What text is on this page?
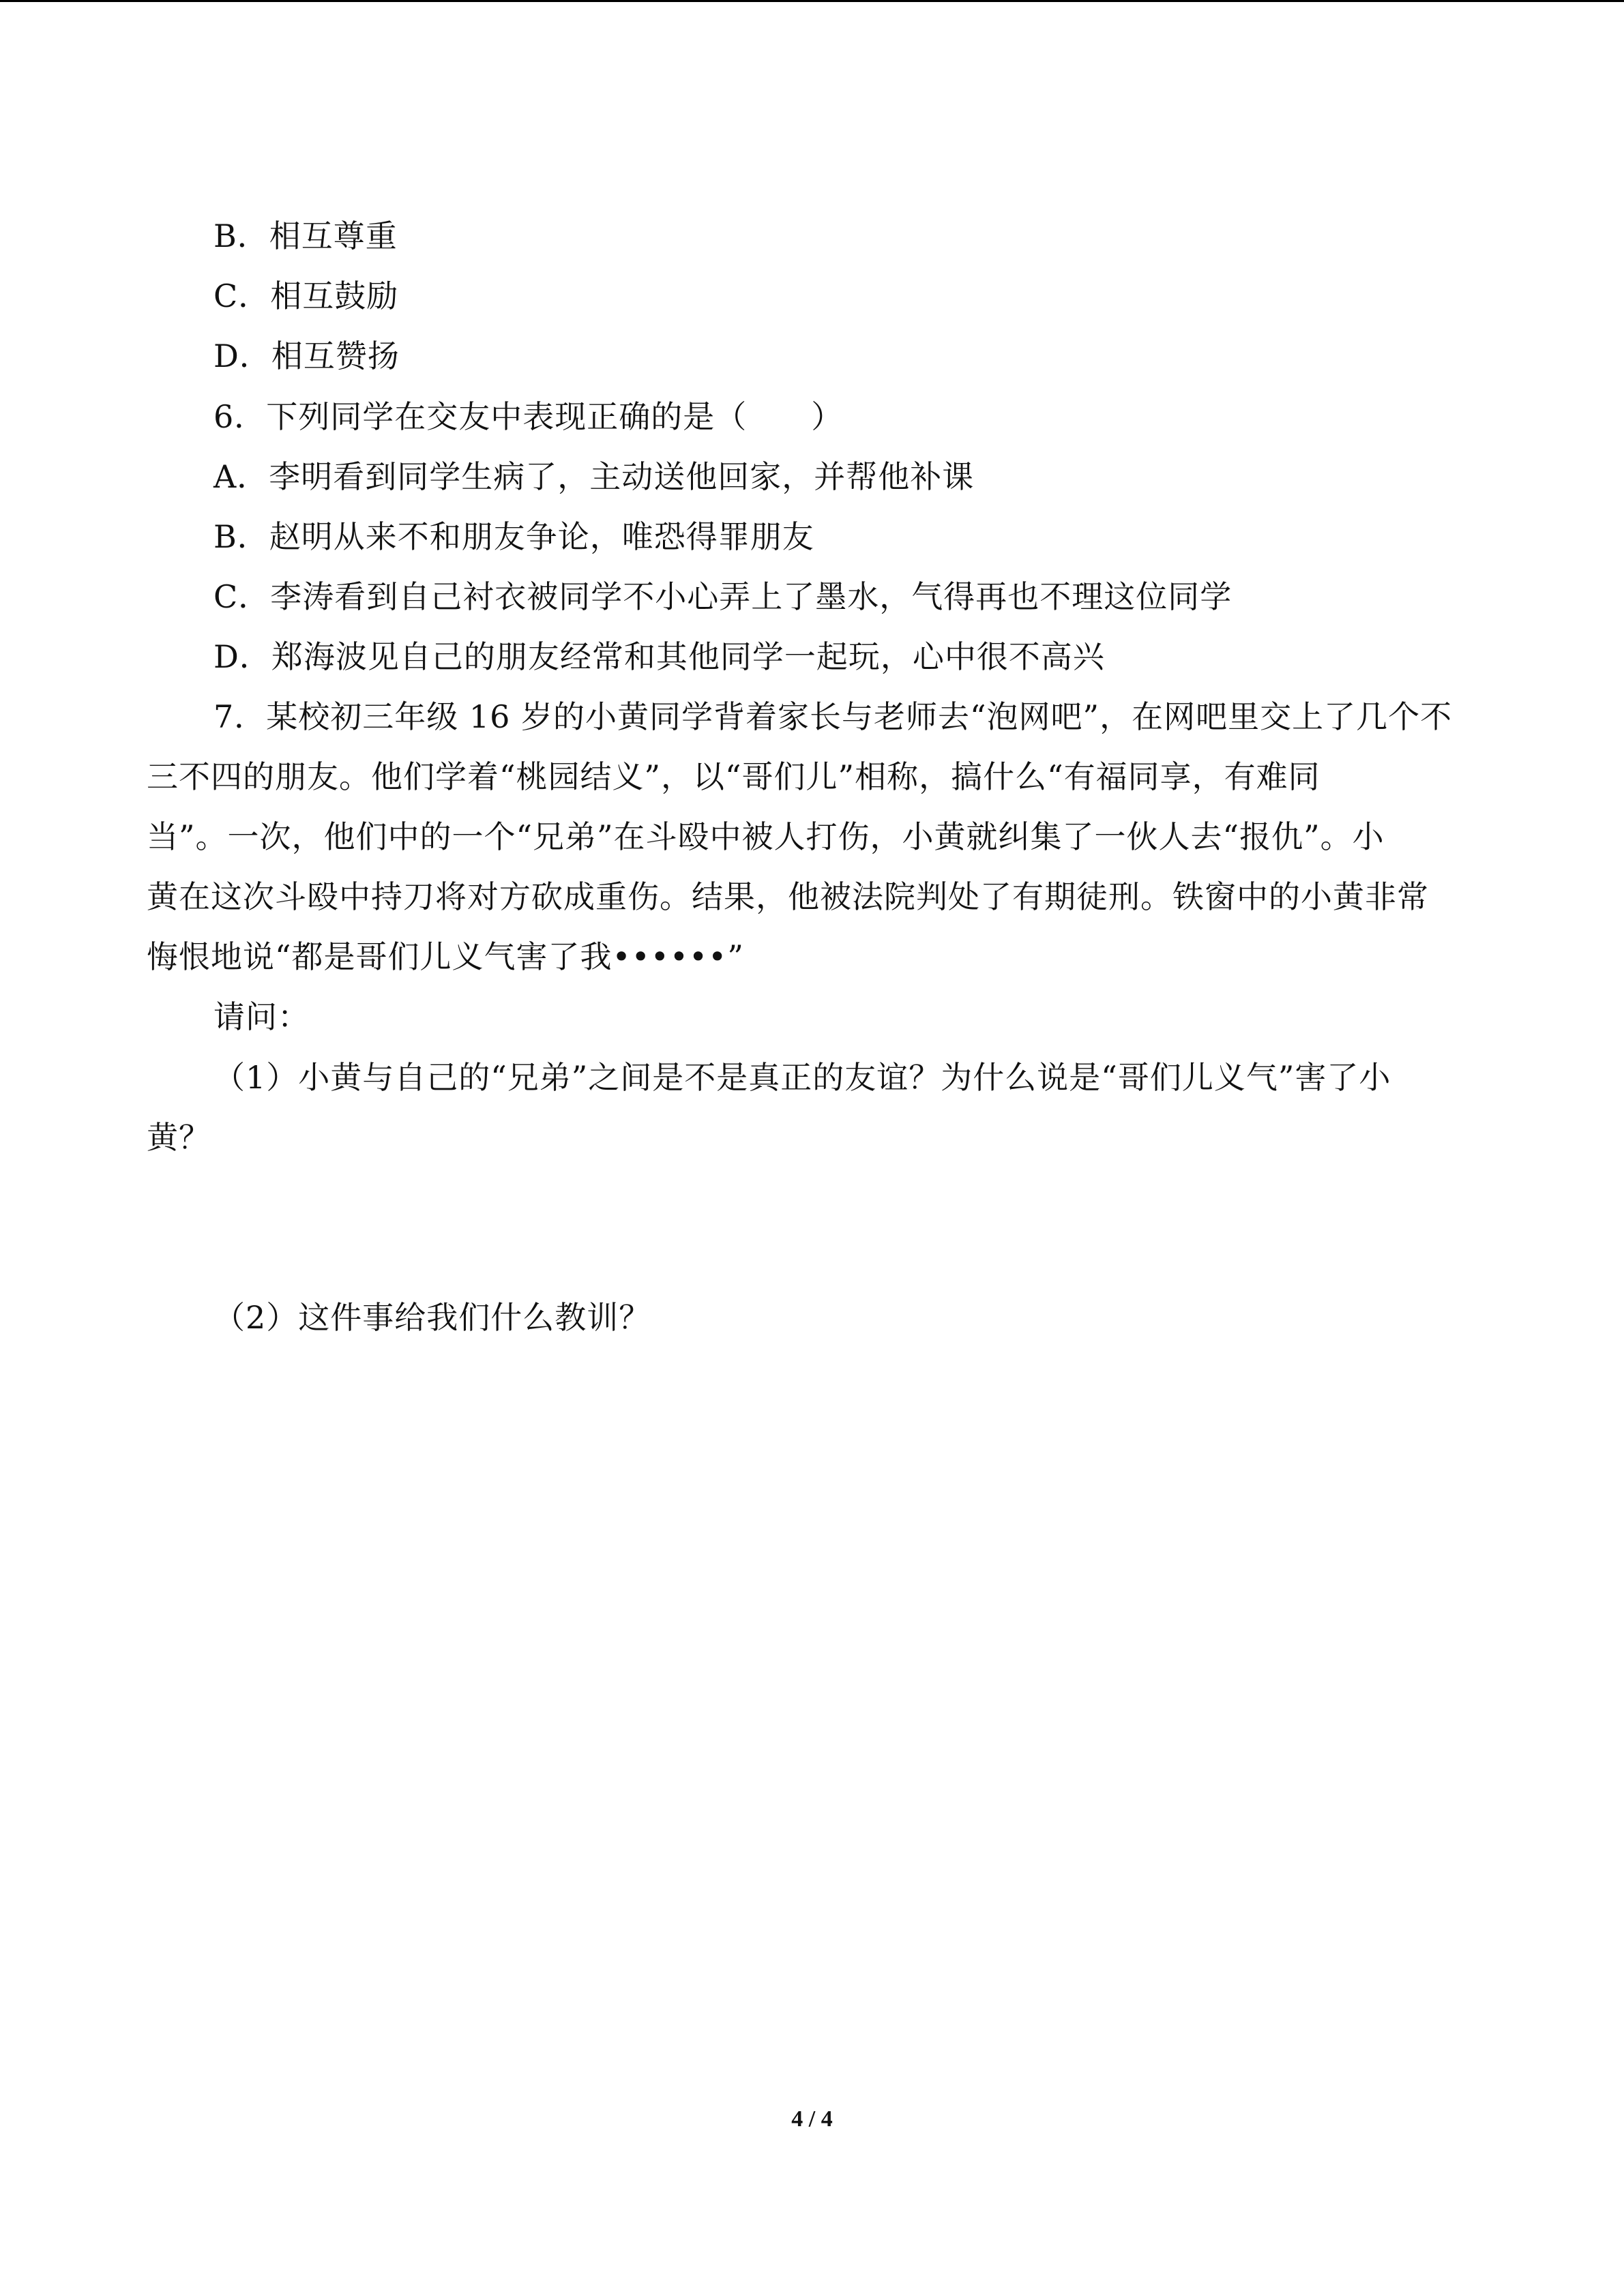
B．相互尊重
C．相互鼓励
D．相互赞扬
6．下列同学在交友中表现正确的是（　　）
A．李明看到同学生病了，主动送他回家，并帮他补课
B．赵明从来不和朋友争论，唯恐得罪朋友
C．李涛看到自己衬衣被同学不小心弄上了墨水，气得再也不理这位同学
D．郑海波见自己的朋友经常和其他同学一起玩，心中很不高兴
7．某校初三年级 16 岁的小黄同学背着家长与老师去“泡网吧”，在网吧里交上了几个不
三不四的朋友。他们学着“桃园结义”，以“哥们儿”相称，搞什么“有福同享，有难同
当”。一次，他们中的一个“兄弟”在斗殴中被人打伤，小黄就纠集了一伙人去“报仇”。小
黄在这次斗殴中持刀将对方砍成重伤。结果，他被法院判处了有期徒刑。铁窗中的小黄非常
悔恨地说“都是哥们儿义气害了我••••••”
请问：
（1）小黄与自己的“兄弟”之间是不是真正的友谊？为什么说是“哥们儿义气”害了小
黄？
（2）这件事给我们什么教训？
4 / 4
